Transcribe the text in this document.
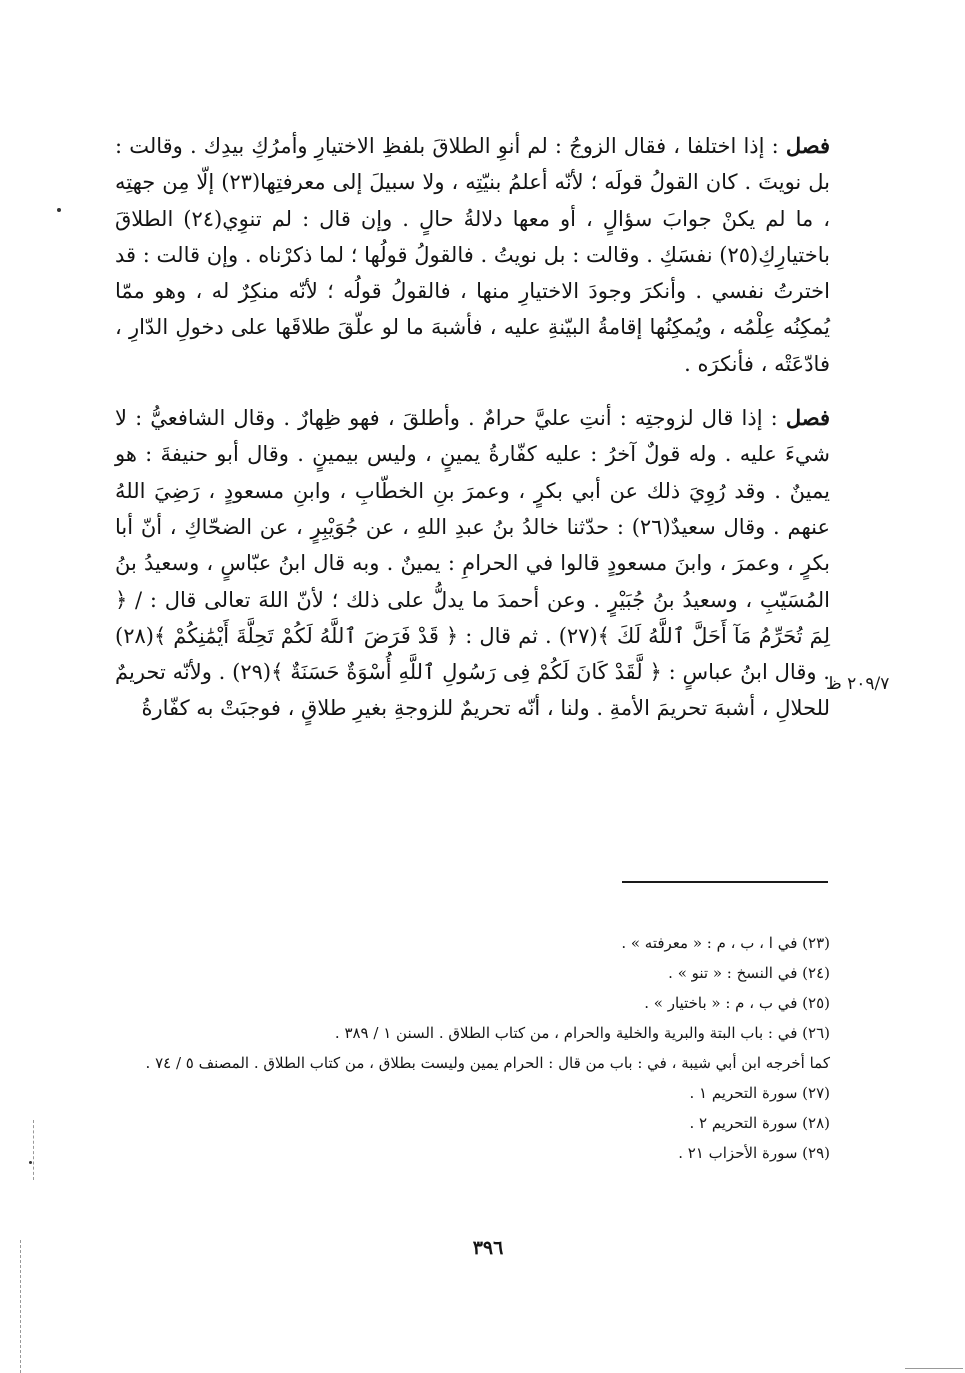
فصل : إذا اختلفا ، فقال الزوجُ : لم أنوِ الطلاقَ بلفظِ الاختيارِ وأمرُكِ بيدِك . وقالت : بل نويتَ . كان القولُ قولَه ؛ لأنّه أعلمُ بنيّتِه ، ولا سبيلَ إلى معرفتِها(٢٣) إلّا مِن جهتِه ، ما لم يكنْ جوابَ سؤالٍ ، أو معها دلالةُ حالٍ . وإن قال : لم تنوِي(٢٤) الطلاقَ باختيارِكِ(٢٥) نفسَكِ . وقالت : بل نويتُ . فالقولُ قولُها ؛ لما ذكرْناه . وإن قالت : قد اخترتُ نفسي . وأنكرَ وجودَ الاختيارِ منها ، فالقولُ قولُه ؛ لأنّه منكِرٌ له ، وهو ممّا يُمكِنُه عِلْمُه ، ويُمكِنُها إقامةُ البيّنةِ عليه ، فأشبهَ ما لو علّقَ طلاقَها على دخولِ الدّارِ ، فادّعَتْه ، فأنكرَه .

فصل : إذا قال لزوجتِه : أنتِ عليَّ حرامٌ . وأطلقَ ، فهو ظِهارٌ . وقال الشافعيُّ : لا شيءَ عليه . وله قولٌ آخرُ : عليه كفّارةُ يمينٍ ، وليس بيمينٍ . وقال أبو حنيفةَ : هو يمينٌ . وقد رُوِيَ ذلك عن أبي بكرٍ ، وعمرَ بنِ الخطّابِ ، وابنِ مسعودٍ ، رَضِيَ اللهُ عنهم . وقال سعيدٌ(٢٦) : حدّثنا خالدُ بنُ عبدِ اللهِ ، عن جُوَيْبِرٍ ، عن الضحّاكِ ، أنّ أبا بكرٍ ، وعمرَ ، وابنَ مسعودٍ قالوا في الحرامِ : يمينٌ . وبه قال ابنُ عبّاسٍ ، وسعيدُ بنُ المُسَيّبِ ، وسعيدُ بنُ جُبَيْرٍ . وعن أحمدَ ما يدلُّ على ذلك ؛ لأنّ اللهَ تعالى قال : / ﴿ لِمَ تُحَرِّمُ مَآ أَحَلَّ ٱللَّهُ لَكَ ﴾(٢٧) . ثم قال : ﴿ قَدْ فَرَضَ ٱللَّهُ لَكُمْ تَحِلَّةَ أَيْمَٰنِكُمْ ﴾(٢٨) . وقال ابنُ عباسٍ : ﴿ لَّقَدْ كَانَ لَكُمْ فِى رَسُولِ ٱللَّهِ أُسْوَةٌ حَسَنَةٌ ﴾(٢٩) . ولأنّه تحريمٌ للحلالِ ، أشبهَ تحريمَ الأمةِ . ولنا ، أنّه تحريمٌ للزوجةِ بغيرِ طلاقٍ ، فوجبَتْ به كفّارةُ

٢٠٩/٧ ظ

(٢٣) في ا ، ب ، م : « معرفته » .

(٢٤) في النسخ : « تنو » .

(٢٥) في ب ، م : « باختيار » .

(٢٦) في : باب البتة والبرية والخلية والحرام ، من كتاب الطلاق . السنن ١ / ٣٨٩ .

كما أخرجه ابن أبي شيبة ، في : باب من قال : الحرام يمين وليست بطلاق ، من كتاب الطلاق . المصنف ٥ / ٧٤ .

(٢٧) سورة التحريم ١ .

(٢٨) سورة التحريم ٢ .

(٢٩) سورة الأحزاب ٢١ .

٣٩٦
